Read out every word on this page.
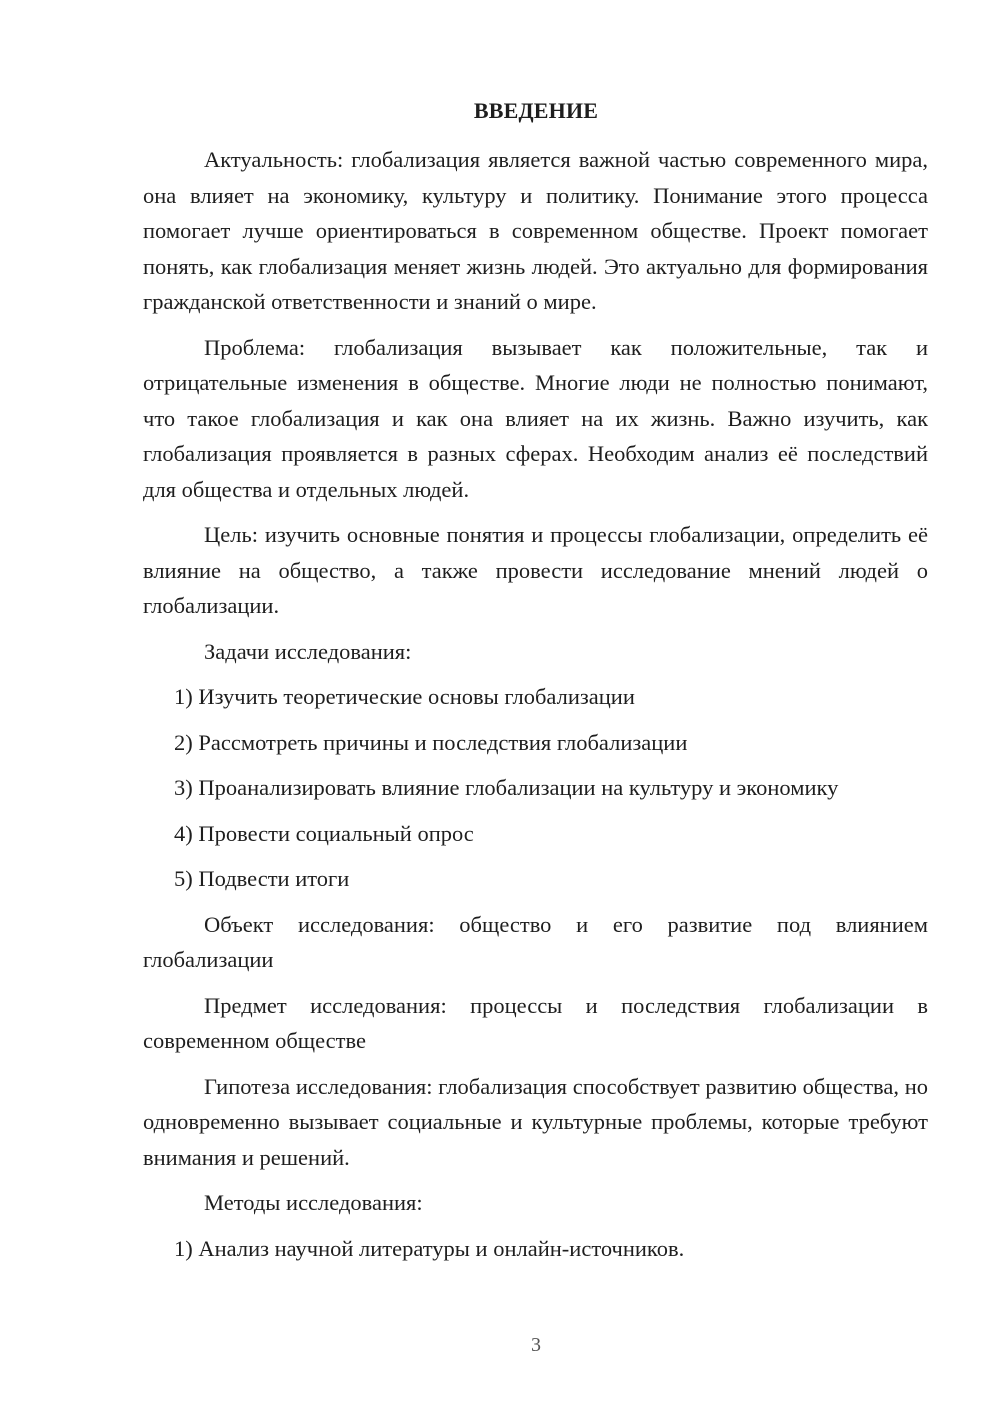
ВВЕДЕНИЕ

Актуальность: глобализация является важной частью современного мира, она влияет на экономику, культуру и политику. Понимание этого процесса помогает лучше ориентироваться в современном обществе. Проект помогает понять, как глобализация меняет жизнь людей. Это актуально для формирования гражданской ответственности и знаний о мире.

Проблема: глобализация вызывает как положительные, так и отрицательные изменения в обществе. Многие люди не полностью понимают, что такое глобализация и как она влияет на их жизнь. Важно изучить, как глобализация проявляется в разных сферах. Необходим анализ её последствий для общества и отдельных людей.

Цель: изучить основные понятия и процессы глобализации, определить её влияние на общество, а также провести исследование мнений людей о глобализации.

Задачи исследования:

1) Изучить теоретические основы глобализации
2) Рассмотреть причины и последствия глобализации
3) Проанализировать влияние глобализации на культуру и экономику
4) Провести социальный опрос
5) Подвести итоги

Объект исследования: общество и его развитие под влиянием глобализации

Предмет исследования: процессы и последствия глобализации в современном обществе

Гипотеза исследования: глобализация способствует развитию общества, но одновременно вызывает социальные и культурные проблемы, которые требуют внимания и решений.

Методы исследования:

1) Анализ научной литературы и онлайн-источников.
3
